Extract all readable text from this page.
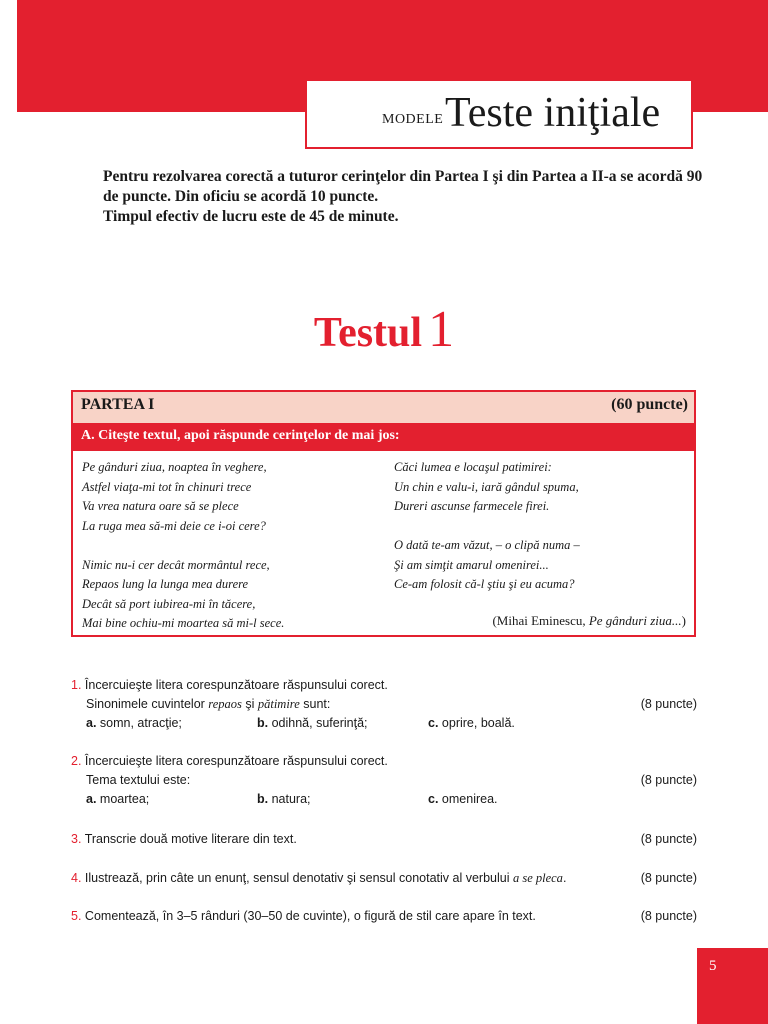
MODELE Teste iniţiale

Pentru rezolvarea corectă a tuturor cerinţelor din Partea I şi din Partea a II-a se acordă 90 de puncte. Din oficiu se acordă 10 puncte.

Timpul efectiv de lucru este de 45 de minute.

Testul 1
PARTEA I	(60 puncte)
A. Citeşte textul, apoi răspunde cerinţelor de mai jos:
Pe gânduri ziua, noaptea în veghere,
Astfel viaţa-mi tot în chinuri trece
Va vrea natura oare să se plece
La ruga mea să-mi deie ce i-oi cere?
Nimic nu-i cer decât mormântul rece,
Repaos lung la lunga mea durere
Decât să port iubirea-mi în tăcere,
Mai bine ochiu-mi moartea să mi-l sece.
Căci lumea e locaşul patimirei:
Un chin e valu-i, iară gândul spuma,
Dureri ascunse farmecele firei.
O dată te-am văzut, – o clipă numa –
Şi am simţit amarul omenirei...
Ce-am folosit că-l ştiu şi eu acuma?
(Mihai Eminescu, Pe gânduri ziua...)
1. Încercuieşte litera corespunzătoare răspunsului corect.
Sinonimele cuvintelor repaos şi pătimire sunt:	(8 puncte)

a. somn, atracţie;	b. odihnă, suferinţă;	c. oprire, boală.
2. Încercuieşte litera corespunzătoare răspunsului corect.
Tema textului este:	(8 puncte)

a. moartea;	b. natura;	c. omenirea.
3. Transcrie două motive literare din text.	(8 puncte)
4. Ilustrează, prin câte un enunţ, sensul denotativ şi sensul conotativ al verbului a se pleca.	(8 puncte)
5. Comentează, în 3–5 rânduri (30–50 de cuvinte), o figură de stil care apare în text.	(8 puncte)
5
